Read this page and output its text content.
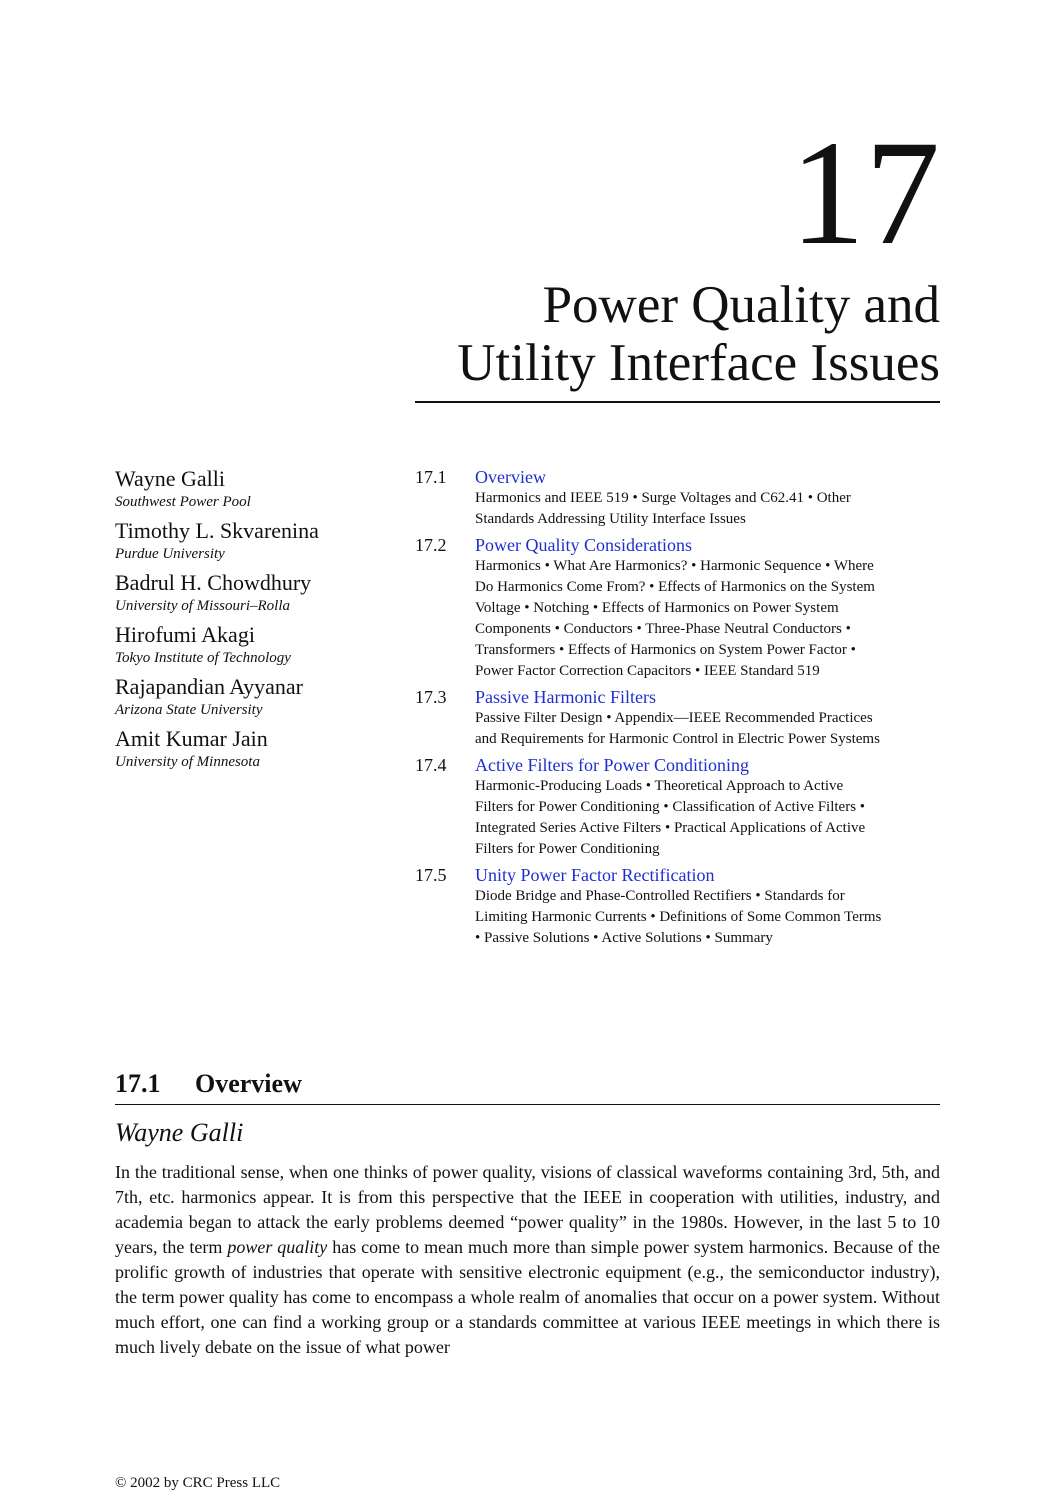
17
Power Quality and
Utility Interface Issues
Wayne Galli
Southwest Power Pool
Timothy L. Skvarenina
Purdue University
Badrul H. Chowdhury
University of Missouri–Rolla
Hirofumi Akagi
Tokyo Institute of Technology
Rajapandian Ayyanar
Arizona State University
Amit Kumar Jain
University of Minnesota
17.1 Overview
Harmonics and IEEE 519 • Surge Voltages and C62.41 • Other Standards Addressing Utility Interface Issues
17.2 Power Quality Considerations
Harmonics • What Are Harmonics? • Harmonic Sequence • Where Do Harmonics Come From? • Effects of Harmonics on the System Voltage • Notching • Effects of Harmonics on Power System Components • Conductors • Three-Phase Neutral Conductors • Transformers • Effects of Harmonics on System Power Factor • Power Factor Correction Capacitors • IEEE Standard 519
17.3 Passive Harmonic Filters
Passive Filter Design • Appendix—IEEE Recommended Practices and Requirements for Harmonic Control in Electric Power Systems
17.4 Active Filters for Power Conditioning
Harmonic-Producing Loads • Theoretical Approach to Active Filters for Power Conditioning • Classification of Active Filters • Integrated Series Active Filters • Practical Applications of Active Filters for Power Conditioning
17.5 Unity Power Factor Rectification
Diode Bridge and Phase-Controlled Rectifiers • Standards for Limiting Harmonic Currents • Definitions of Some Common Terms • Passive Solutions • Active Solutions • Summary
17.1 Overview
Wayne Galli

In the traditional sense, when one thinks of power quality, visions of classical waveforms containing 3rd, 5th, and 7th, etc. harmonics appear. It is from this perspective that the IEEE in cooperation with utilities, industry, and academia began to attack the early problems deemed “power quality” in the 1980s. However, in the last 5 to 10 years, the term power quality has come to mean much more than simple power system harmonics. Because of the prolific growth of industries that operate with sensitive electronic equipment (e.g., the semiconductor industry), the term power quality has come to encompass a whole realm of anomalies that occur on a power system. Without much effort, one can find a working group or a standards committee at various IEEE meetings in which there is much lively debate on the issue of what power

© 2002 by CRC Press LLC
